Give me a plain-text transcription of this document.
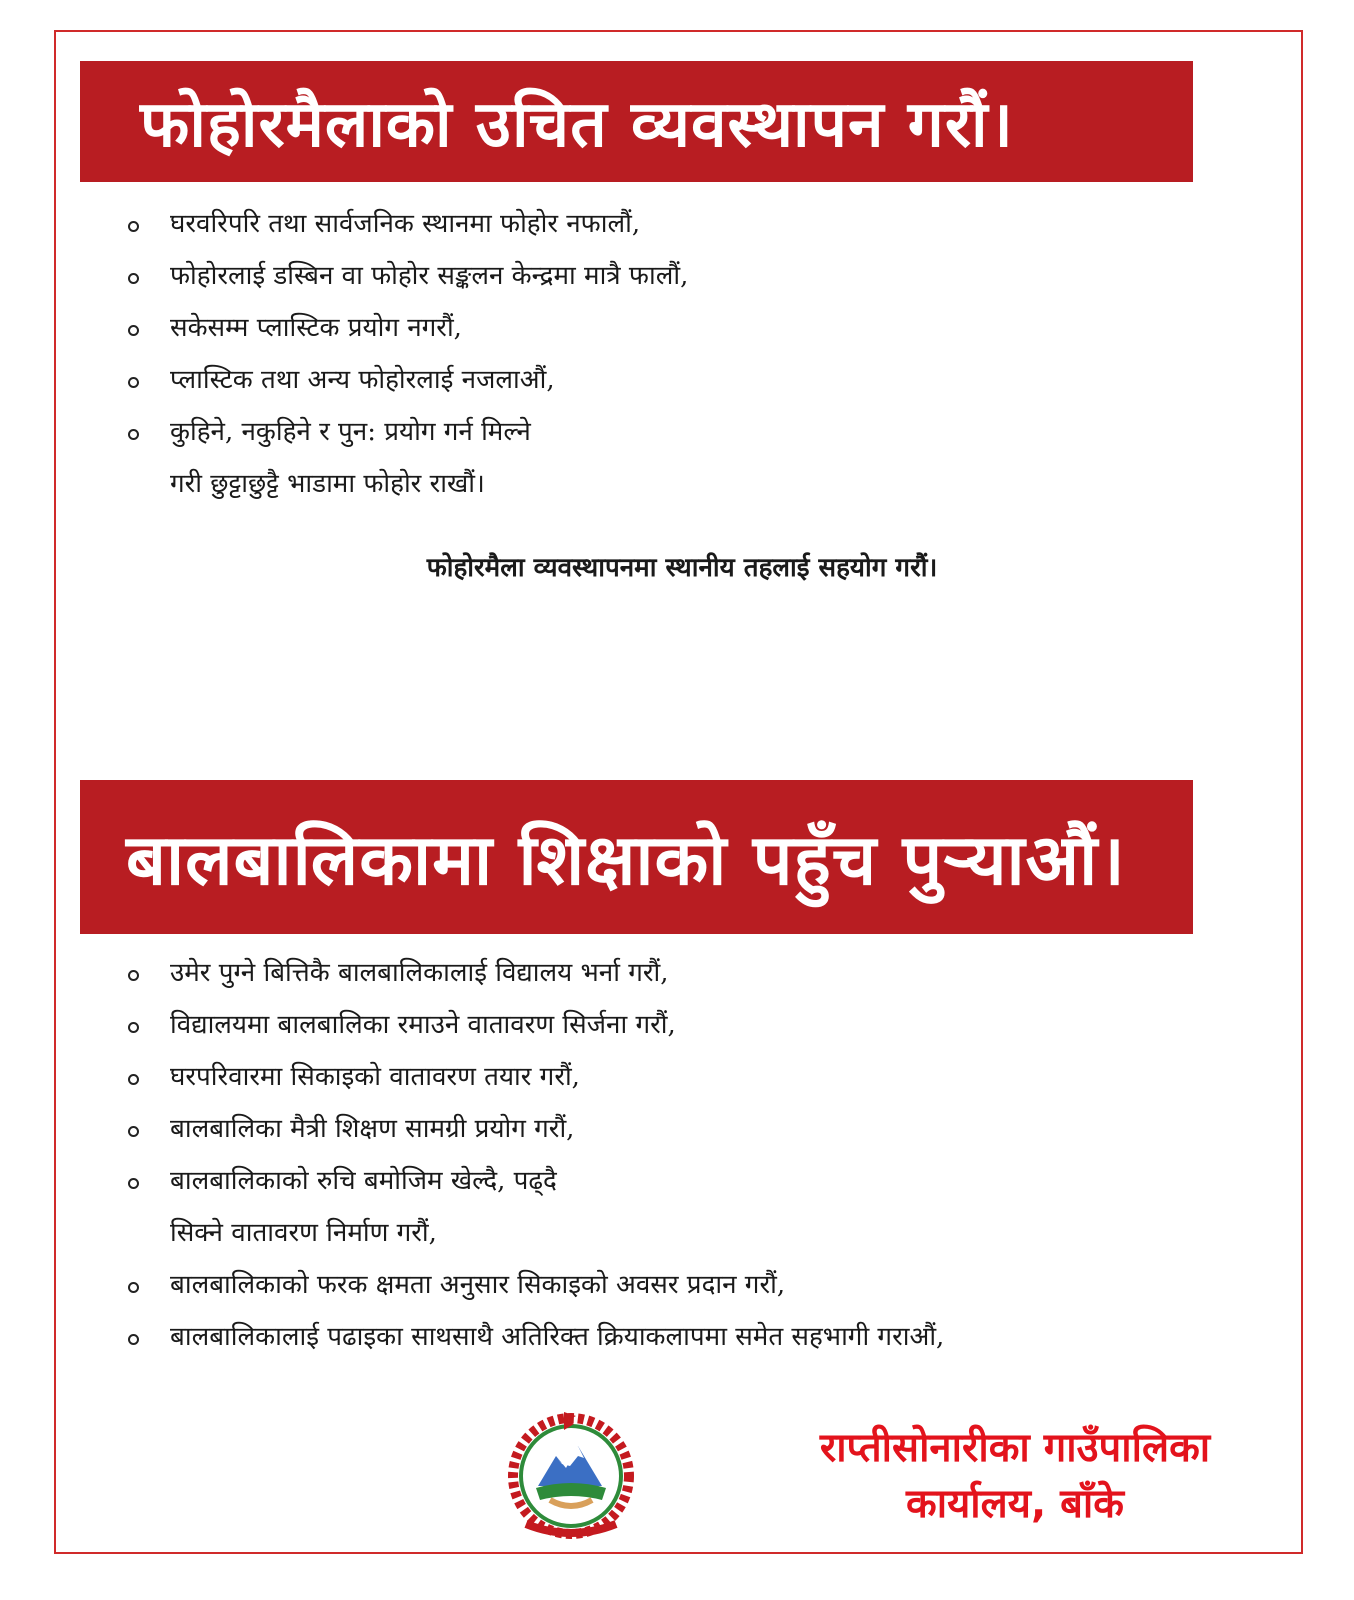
फोहोरमैलाको उचित व्यवस्थापन गरौं।
घरवरिपरि तथा सार्वजनिक स्थानमा फोहोर नफालौं,
फोहोरलाई डस्बिन वा फोहोर सङ्कलन केन्द्रमा मात्रै फालौं,
सकेसम्म प्लास्टिक प्रयोग नगरौं,
प्लास्टिक तथा अन्य फोहोरलाई नजलाऔं,
कुहिने, नकुहिने र पुन: प्रयोग गर्न मिल्ने
गरी छुट्टाछुट्टै भाडामा फोहोर राखौं।
फोहोरमैला व्यवस्थापनमा स्थानीय तहलाई सहयोग गरौं।
बालबालिकामा शिक्षाको पहुँच पुऱ्याऔं।
उमेर पुग्ने बित्तिकै बालबालिकालाई विद्यालय भर्ना गरौं,
विद्यालयमा बालबालिका रमाउने वातावरण सिर्जना गरौं,
घरपरिवारमा सिकाइको वातावरण तयार गरौं,
बालबालिका मैत्री शिक्षण सामग्री प्रयोग गरौं,
बालबालिकाको रुचि बमोजिम खेल्दै, पढ्दै
सिक्ने वातावरण निर्माण गरौं,
बालबालिकाको फरक क्षमता अनुसार सिकाइको अवसर प्रदान गरौं,
बालबालिकालाई पढाइका साथसाथै अतिरिक्त क्रियाकलापमा समेत सहभागी गराऔं,
राप्तीसोनारीका गाउँपालिका
कार्यालय, बाँके
